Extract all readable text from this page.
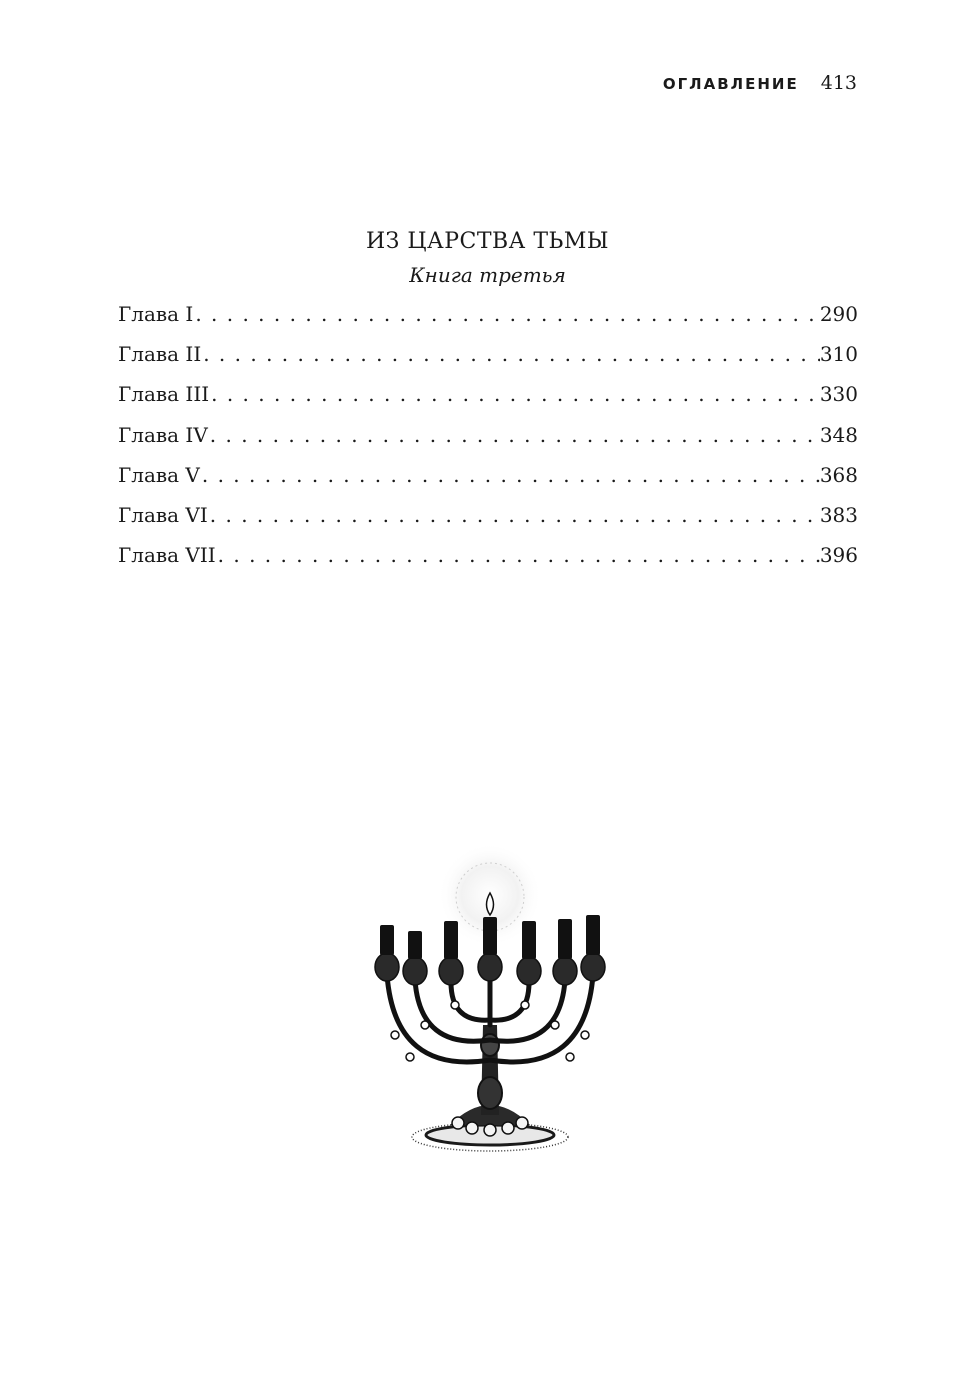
ОГЛАВЛЕНИЕ 413
ИЗ ЦАРСТВА ТЬМЫ
Книга третья
Глава I . . .	290
Глава II . . .	310
Глава III . . .	330
Глава IV . . .	348
Глава V . . .	368
Глава VI . . .	383
Глава VII . . .	396
